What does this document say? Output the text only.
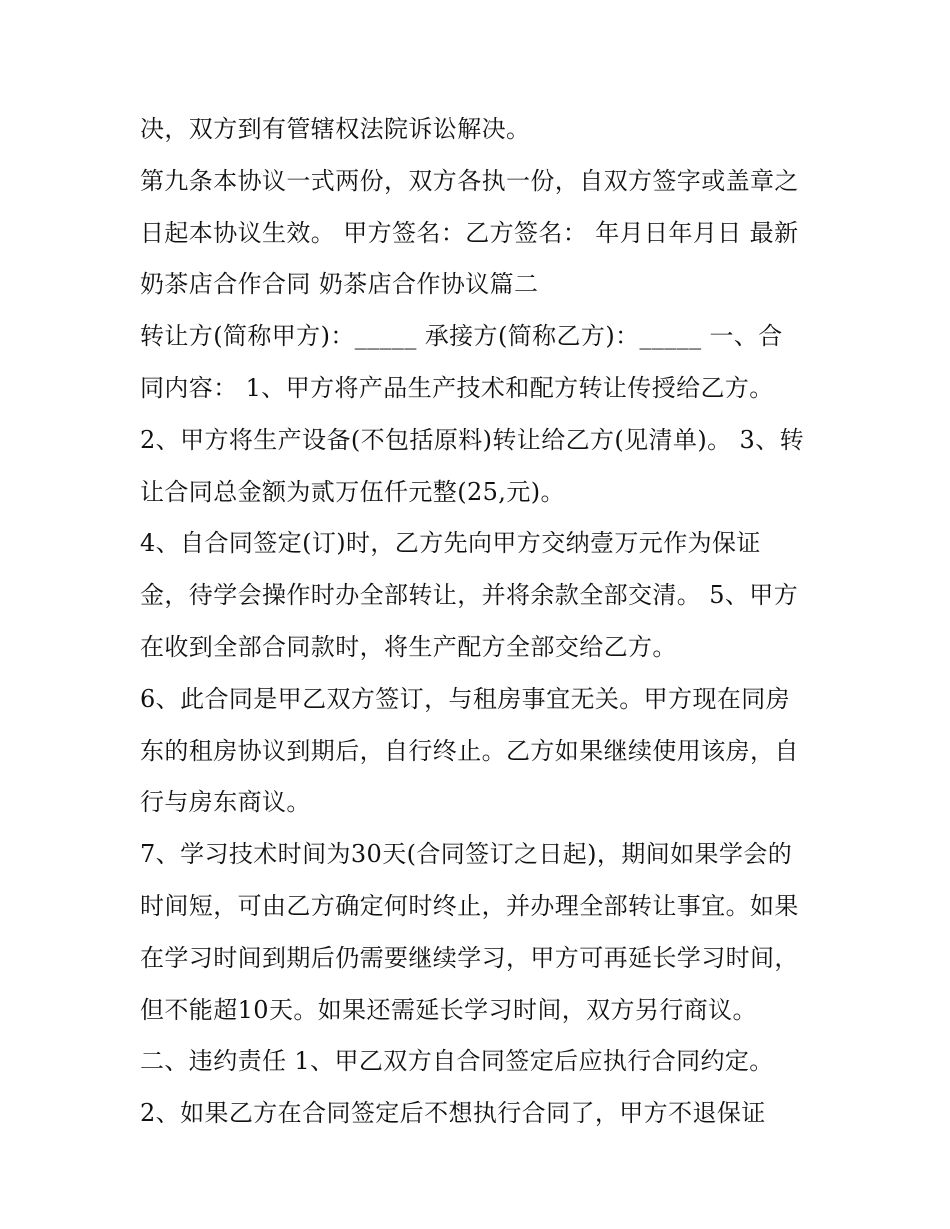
决，双方到有管辖权法院诉讼解决。
第九条本协议一式两份，双方各执一份，自双方签字或盖章之
日起本协议生效。 甲方签名：乙方签名： 年月日年月日 最新
奶茶店合作合同 奶茶店合作协议篇二
转让方(简称甲方)：_____ 承接方(简称乙方)：_____ 一、合
同内容： 1、甲方将产品生产技术和配方转让传授给乙方。
2、甲方将生产设备(不包括原料)转让给乙方(见清单)。 3、转
让合同总金额为贰万伍仟元整(25,元)。
4、自合同签定(订)时，乙方先向甲方交纳壹万元作为保证
金，待学会操作时办全部转让，并将余款全部交清。 5、甲方
在收到全部合同款时，将生产配方全部交给乙方。
6、此合同是甲乙双方签订，与租房事宜无关。甲方现在同房
东的租房协议到期后，自行终止。乙方如果继续使用该房，自
行与房东商议。
7、学习技术时间为30天(合同签订之日起)，期间如果学会的
时间短，可由乙方确定何时终止，并办理全部转让事宜。如果
在学习时间到期后仍需要继续学习，甲方可再延长学习时间，
但不能超10天。如果还需延长学习时间，双方另行商议。
二、违约责任 1、甲乙双方自合同签定后应执行合同约定。
2、如果乙方在合同签定后不想执行合同了，甲方不退保证
